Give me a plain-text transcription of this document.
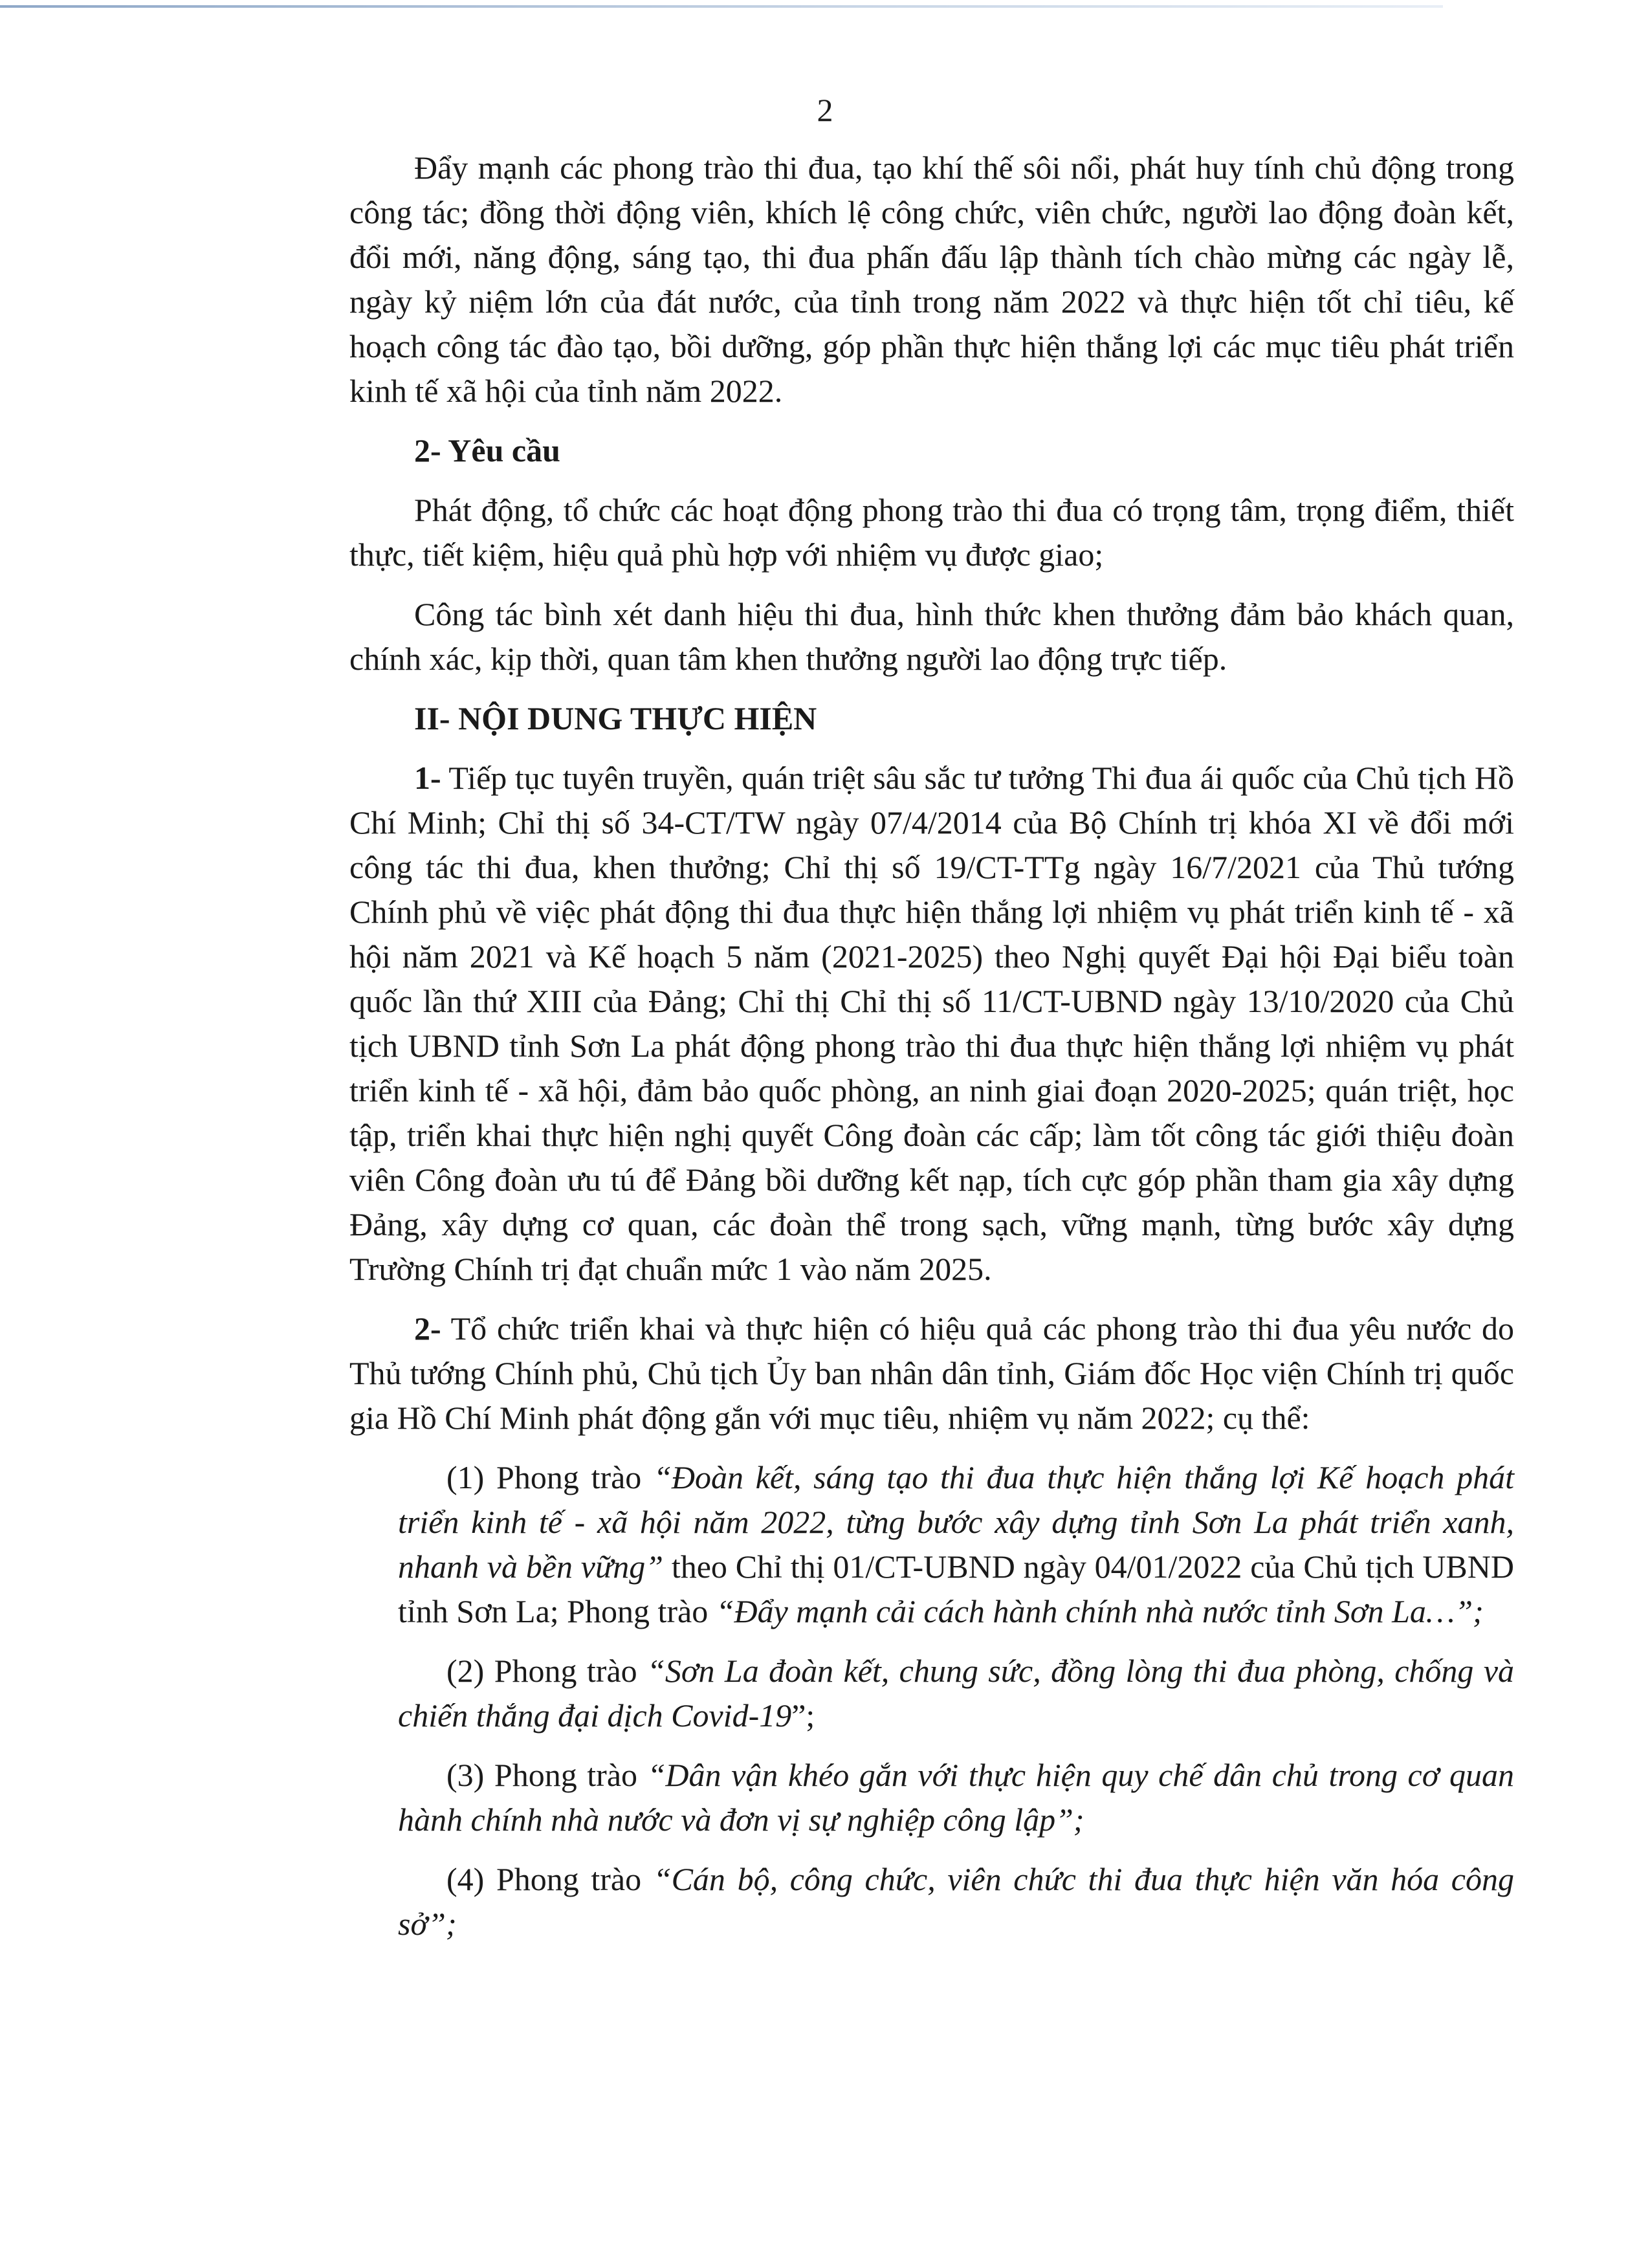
2

Đẩy mạnh các phong trào thi đua, tạo khí thế sôi nổi, phát huy tính chủ động trong công tác; đồng thời động viên, khích lệ công chức, viên chức, người lao động đoàn kết, đổi mới, năng động, sáng tạo, thi đua phấn đấu lập thành tích chào mừng các ngày lễ, ngày kỷ niệm lớn của đát nước, của tỉnh trong năm 2022 và thực hiện tốt chỉ tiêu, kế hoạch công tác đào tạo, bồi dưỡng, góp phần thực hiện thắng lợi các mục tiêu phát triển kinh tế xã hội của tỉnh năm 2022.

2- Yêu cầu

Phát động, tổ chức các hoạt động phong trào thi đua có trọng tâm, trọng điểm, thiết thực, tiết kiệm, hiệu quả phù hợp với nhiệm vụ được giao;

Công tác bình xét danh hiệu thi đua, hình thức khen thưởng đảm bảo khách quan, chính xác, kịp thời, quan tâm khen thưởng người lao động trực tiếp.

II- NỘI DUNG THỰC HIỆN

1- Tiếp tục tuyên truyền, quán triệt sâu sắc tư tưởng Thi đua ái quốc của Chủ tịch Hồ Chí Minh; Chỉ thị số 34-CT/TW ngày 07/4/2014 của Bộ Chính trị khóa XI về đổi mới công tác thi đua, khen thưởng; Chỉ thị số 19/CT-TTg ngày 16/7/2021 của Thủ tướng Chính phủ về việc phát động thi đua thực hiện thắng lợi nhiệm vụ phát triển kinh tế - xã hội năm 2021 và Kế hoạch 5 năm (2021-2025) theo Nghị quyết Đại hội Đại biểu toàn quốc lần thứ XIII của Đảng; Chỉ thị Chỉ thị số 11/CT-UBND ngày 13/10/2020 của Chủ tịch UBND tỉnh Sơn La phát động phong trào thi đua thực hiện thắng lợi nhiệm vụ phát triển kinh tế - xã hội, đảm bảo quốc phòng, an ninh giai đoạn 2020-2025; quán triệt, học tập, triển khai thực hiện nghị quyết Công đoàn các cấp; làm tốt công tác giới thiệu đoàn viên Công đoàn ưu tú để Đảng bồi dưỡng kết nạp, tích cực góp phần tham gia xây dựng Đảng, xây dựng cơ quan, các đoàn thể trong sạch, vững mạnh, từng bước xây dựng Trường Chính trị đạt chuẩn mức 1 vào năm 2025.

2- Tổ chức triển khai và thực hiện có hiệu quả các phong trào thi đua yêu nước do Thủ tướng Chính phủ, Chủ tịch Ủy ban nhân dân tỉnh, Giám đốc Học viện Chính trị quốc gia Hồ Chí Minh phát động gắn với mục tiêu, nhiệm vụ năm 2022; cụ thể:

(1) Phong trào “Đoàn kết, sáng tạo thi đua thực hiện thắng lợi Kế hoạch phát triển kinh tế - xã hội năm 2022, từng bước xây dựng tỉnh Sơn La phát triển xanh, nhanh và bền vững” theo Chỉ thị 01/CT-UBND ngày 04/01/2022 của Chủ tịch UBND tỉnh Sơn La; Phong trào “Đẩy mạnh cải cách hành chính nhà nước tỉnh Sơn La…”;

(2) Phong trào “Sơn La đoàn kết, chung sức, đồng lòng thi đua phòng, chống và chiến thắng đại dịch Covid-19”;

(3) Phong trào “Dân vận khéo gắn với thực hiện quy chế dân chủ trong cơ quan hành chính nhà nước và đơn vị sự nghiệp công lập”;

(4) Phong trào “Cán bộ, công chức, viên chức thi đua thực hiện văn hóa công sở”;
